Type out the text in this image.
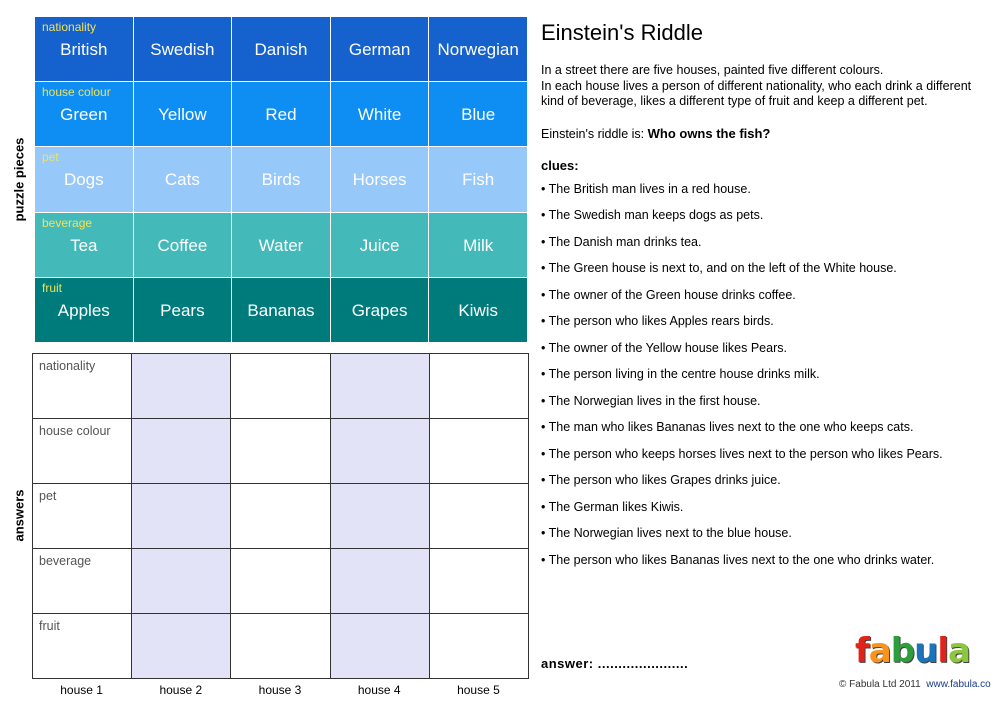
puzzle pieces
answers
nationality
British	Swedish	Danish	German	Norwegian

house colour
Green	Yellow	Red	White	Blue

pet
Dogs	Cats	Birds	Horses	Fish

beverage
Tea	Coffee	Water	Juice	Milk

fruit
Apples	Pears	Bananas	Grapes	Kiwis
nationality				
house colour				
pet				
beverage				
fruit				
house 1	house 2	house 3	house 4	house 5
Einstein's Riddle

In a street there are five houses, painted five different colours.

In each house lives a person of different nationality, who each drink a different kind of beverage, likes a different type of fruit and keep a different pet.

Einstein's riddle is: Who owns the fish?

clues:
• The British man lives in a red house.
• The Swedish man keeps dogs as pets.
• The Danish man drinks tea.
• The Green house is next to, and on the left of the White house.
• The owner of the Green house drinks coffee.
• The person who likes Apples rears birds.
• The owner of the Yellow house likes Pears.
• The person living in the centre house drinks milk.
• The Norwegian lives in the first house.
• The man who likes Bananas lives next to the one who keeps cats.
• The person who keeps horses lives next to the person who likes Pears.
• The person who likes Grapes drinks juice.
• The German likes Kiwis.
• The Norwegian lives next to the blue house.
• The person who likes Bananas lives next to the one who drinks water.
answer: ......................	fabula
© Fabula Ltd 2011 www.fabula.co
